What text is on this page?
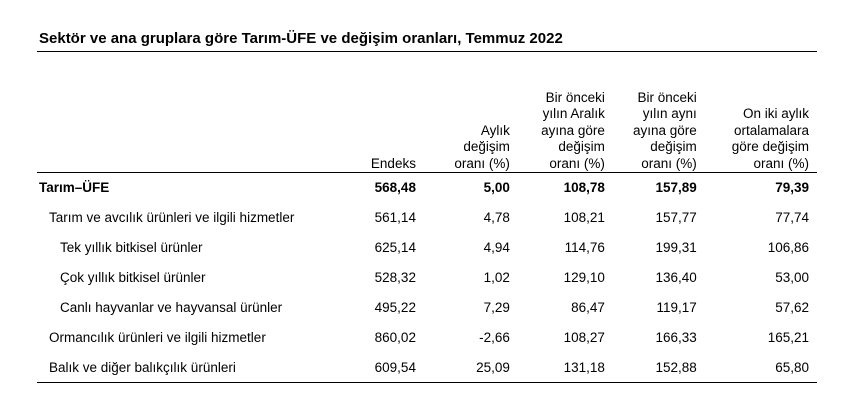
Sektör ve ana gruplara göre Tarım-ÜFE ve değişim oranları, Temmuz 2022
	Endeks	Aylık
değişim
oranı (%)	Bir önceki
yılın Aralık
ayına göre
değişim
oranı (%)	Bir önceki
yılın aynı
ayına göre
değişim
oranı (%)	On iki aylık
ortalamalara
göre değişim
oranı (%)
Tarım–ÜFE	568,48	5,00	108,78	157,89	79,39
Tarım ve avcılık ürünleri ve ilgili hizmetler	561,14	4,78	108,21	157,77	77,74
Tek yıllık bitkisel ürünler	625,14	4,94	114,76	199,31	106,86
Çok yıllık bitkisel ürünler	528,32	1,02	129,10	136,40	53,00
Canlı hayvanlar ve hayvansal ürünler	495,22	7,29	86,47	119,17	57,62
Ormancılık ürünleri ve ilgili hizmetler	860,02	-2,66	108,27	166,33	165,21
Balık ve diğer balıkçılık ürünleri	609,54	25,09	131,18	152,88	65,80
